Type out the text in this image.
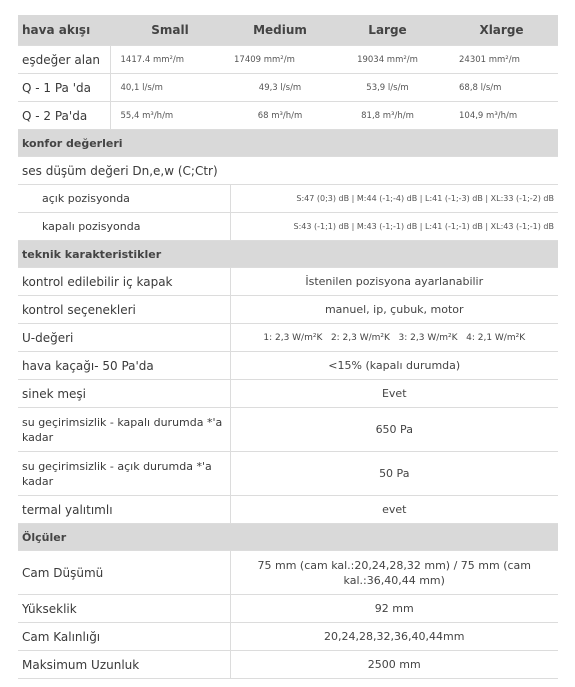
hava akışı	Small	Medium	Large	Xlarge
eşdeğer alan	1417.4 mm²/m	17409 mm²/m	19034 mm²/m	24301 mm²/m
Q - 1 Pa 'da	40,1 l/s/m	49,3 l/s/m	53,9 l/s/m	68,8 l/s/m
Q - 2 Pa'da	55,4 m³/h/m	68 m³/h/m	81,8 m³/h/m	104,9 m³/h/m
konfor değerleri				
ses düşüm değeri Dn,e,w (C;Ctr)				
açık pozisyonda		S:47 (0;3) dB | M:44 (-1;-4) dB | L:41 (-1;-3) dB | XL:33 (-1;-2) dB		
kapalı pozisyonda		S:43 (-1;1) dB | M:43 (-1;-1) dB | L:41 (-1;-1) dB | XL:43 (-1;-1) dB		
teknik karakteristikler				
kontrol edilebilir iç kapak		İstenilen pozisyona ayarlanabilir		
kontrol seçenekleri		manuel, ip, çubuk, motor		
U-değeri		1: 2,3 W/m²K   2: 2,3 W/m²K   3: 2,3 W/m²K   4: 2,1 W/m²K		
hava kaçağı- 50 Pa'da		<15% (kapalı durumda)		
sinek meşi		Evet		
su geçirimsizlik - kapalı durumda *'a kadar		650 Pa		
su geçirimsizlik - açık durumda *'a kadar		50 Pa		
termal yalıtımlı		evet		
Ölçüler				
Cam Düşümü		75 mm (cam kal.:20,24,28,32 mm) / 75 mm (cam kal.:36,40,44 mm)		
Yükseklik		92 mm		
Cam Kalınlığı		20,24,28,32,36,40,44mm		
Maksimum Uzunluk		2500 mm		
